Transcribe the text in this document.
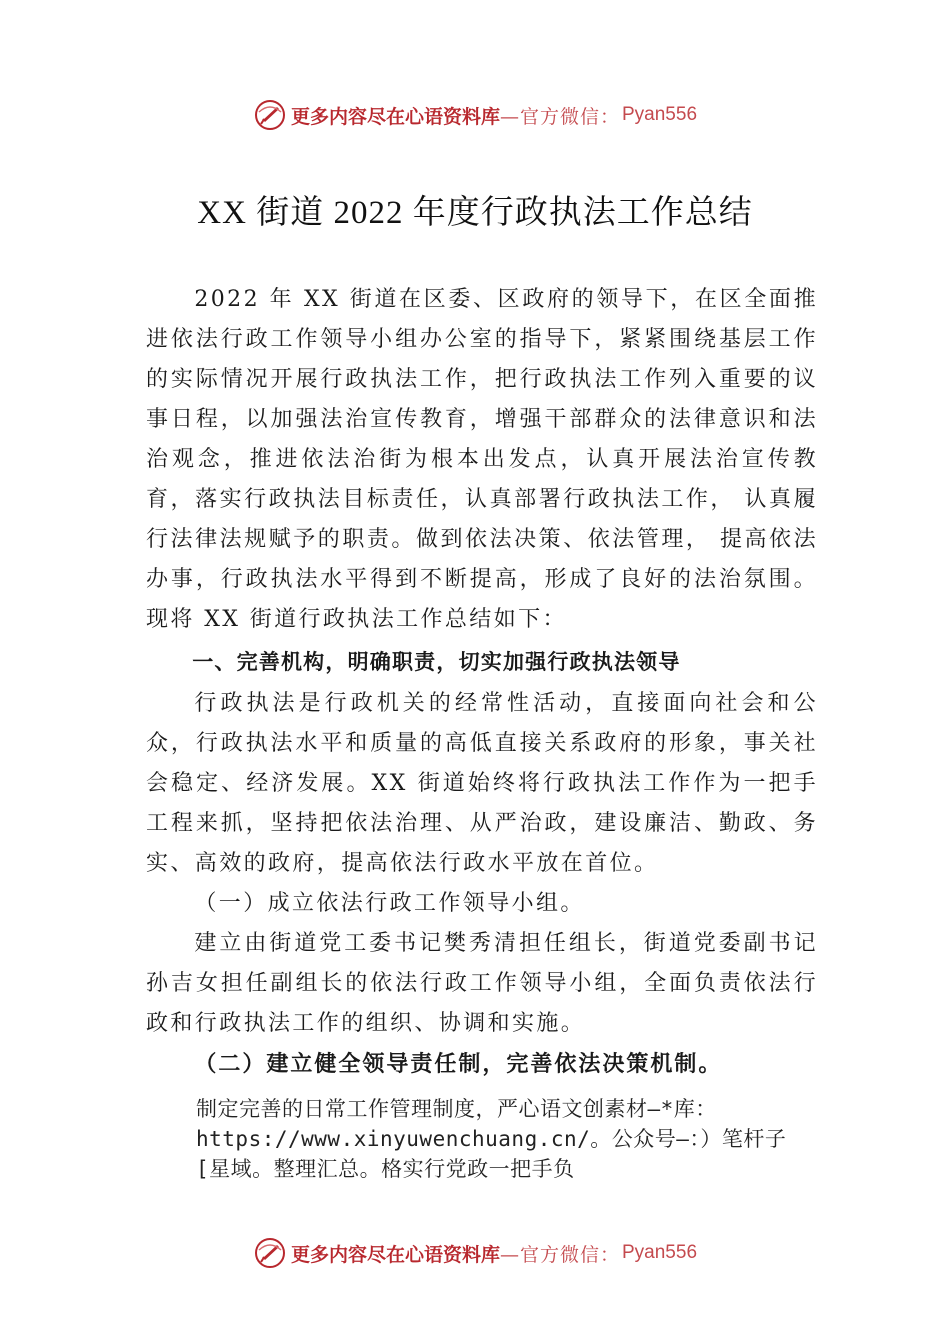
更多内容尽在心语资料库 —官方微信： Pyan556
XX 街道 2022 年度行政执法工作总结

2022 年 XX 街道在区委、区政府的领导下，在区全面推进依法行政工作领导小组办公室的指导下，紧紧围绕基层工作的实际情况开展行政执法工作，把行政执法工作列入重要的议事日程，以加强法治宣传教育，增强干部群众的法律意识和法治观念，推进依法治街为根本出发点，认真开展法治宣传教育，落实行政执法目标责任，认真部署行政执法工作， 认真履行法律法规赋予的职责。做到依法决策、依法管理， 提高依法办事，行政执法水平得到不断提高，形成了良好的法治氛围。现将 XX 街道行政执法工作总结如下：

一、完善机构，明确职责，切实加强行政执法领导

行政执法是行政机关的经常性活动，直接面向社会和公众，行政执法水平和质量的高低直接关系政府的形象，事关社会稳定、经济发展。XX 街道始终将行政执法工作作为一把手工程来抓，坚持把依法治理、从严治政，建设廉洁、勤政、务实、高效的政府，提高依法行政水平放在首位。

（一）成立依法行政工作领导小组。

建立由街道党工委书记樊秀清担任组长，街道党委副书记孙吉女担任副组长的依法行政工作领导小组，全面负责依法行政和行政执法工作的组织、协调和实施。

（二）建立健全领导责任制，完善依法决策机制。

制定完善的日常工作管理制度，严心语文创素材—*库：
https://www.xinyuwenchuang.cn/。公众号—：）笔杆子
[星域。整理汇总。格实行党政一把手负
更多内容尽在心语资料库 —官方微信： Pyan556
